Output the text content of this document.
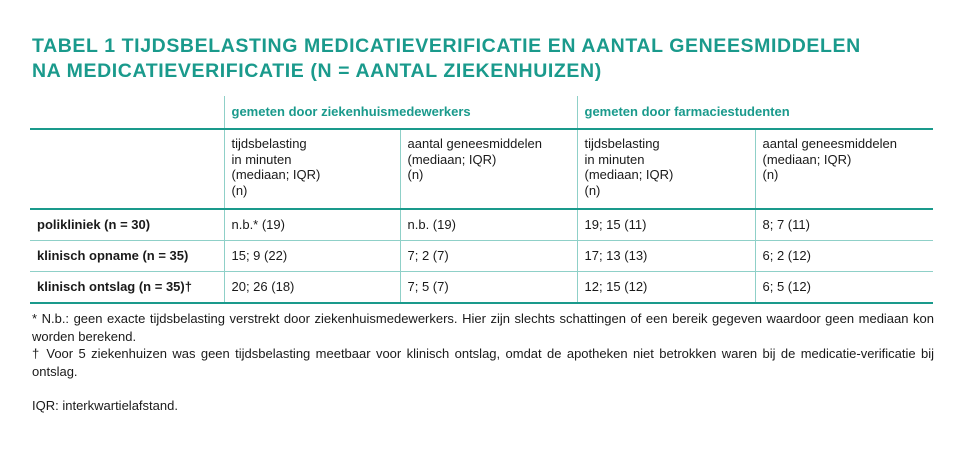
TABEL 1 TIJDSBELASTING MEDICATIEVERIFICATIE EN AANTAL GENEESMIDDELEN
NA MEDICATIEVERIFICATIE (N = AANTAL ZIEKENHUIZEN)
	gemeten door ziekenhuismedewerkers		gemeten door farmaciestudenten	
	tijdsbelasting
in minuten
(mediaan; IQR)
(n)	aantal geneesmiddelen
(mediaan; IQR)
(n)	tijdsbelasting
in minuten
(mediaan; IQR)
(n)	aantal geneesmiddelen
(mediaan; IQR)
(n)
polikliniek (n = 30)	n.b.* (19)	n.b. (19)	19; 15 (11)	8; 7 (11)
klinisch opname (n = 35)	15; 9 (22)	7; 2 (7)	17; 13 (13)	6; 2 (12)
klinisch ontslag (n = 35)†	20; 26 (18)	7; 5 (7)	12; 15 (12)	6; 5 (12)

* N.b.: geen exacte tijdsbelasting verstrekt door ziekenhuismedewerkers. Hier zijn slechts schattingen of een bereik gegeven waardoor geen mediaan kon worden berekend.

† Voor 5 ziekenhuizen was geen tijdsbelasting meetbaar voor klinisch ontslag, omdat de apotheken niet betrokken waren bij de medicatie-verificatie bij ontslag.

IQR: interkwartielafstand.
